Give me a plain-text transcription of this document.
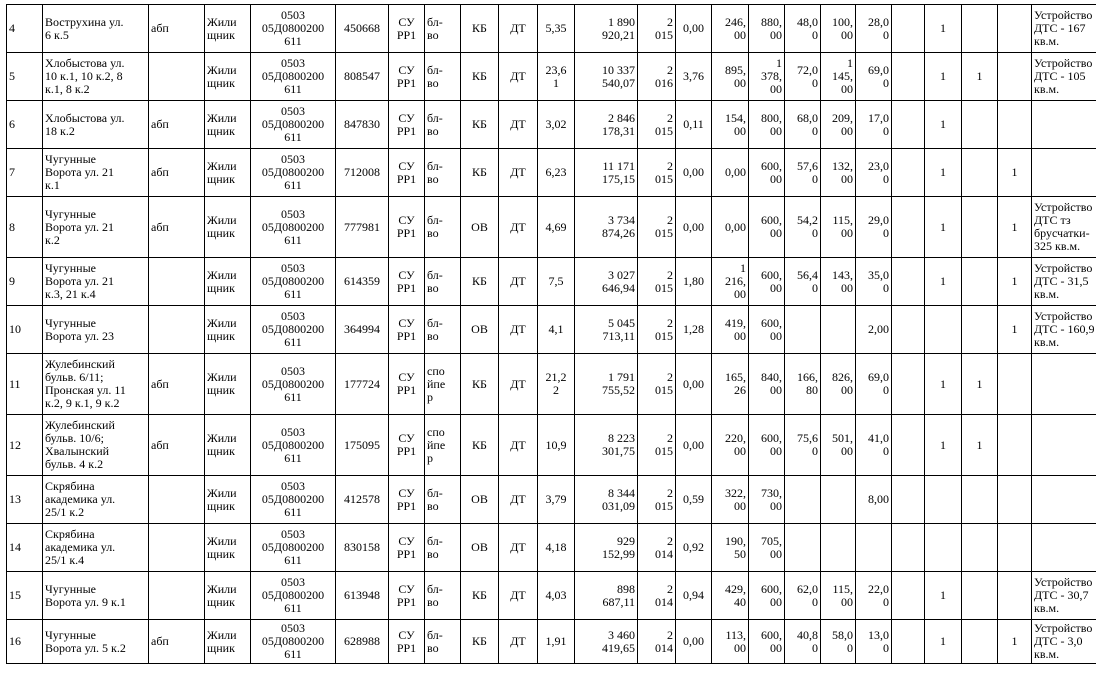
4	Вострухина ул.
6 к.5	абп	Жили
щник	0503
05Д0800200
611	450668	СУ
РР1	бл-
во	КБ	ДТ	5,35	1 890
920,21	2
015	0,00	246,
00	880,
00	48,0
0	100,
00	28,0
0		1			Устройство
ДТС - 167
кв.м.
5	Хлобыстова ул.
10 к.1, 10 к.2, 8
к.1, 8 к.2		Жили
щник	0503
05Д0800200
611	808547	СУ
РР1	бл-
во	КБ	ДТ	23,6
1	10 337
540,07	2
016	3,76	895,
00	1
378,
00	72,0
0	1
145,
00	69,0
0		1	1		Устройство
ДТС - 105
кв.м.
6	Хлобыстова ул.
18 к.2	абп	Жили
щник	0503
05Д0800200
611	847830	СУ
РР1	бл-
во	КБ	ДТ	3,02	2 846
178,31	2
015	0,11	154,
00	800,
00	68,0
0	209,
00	17,0
0		1			
7	Чугунные
Ворота ул. 21
к.1	абп	Жили
щник	0503
05Д0800200
611	712008	СУ
РР1	бл-
во	КБ	ДТ	6,23	11 171
175,15	2
015	0,00	0,00	600,
00	57,6
0	132,
00	23,0
0		1		1	
8	Чугунные
Ворота ул. 21
к.2	абп	Жили
щник	0503
05Д0800200
611	777981	СУ
РР1	бл-
во	ОВ	ДТ	4,69	3 734
874,26	2
015	0,00	0,00	600,
00	54,2
0	115,
00	29,0
0		1		1	Устройство
ДТС тз
брусчатки-
325 кв.м.
9	Чугунные
Ворота ул. 21
к.3, 21 к.4		Жили
щник	0503
05Д0800200
611	614359	СУ
РР1	бл-
во	КБ	ДТ	7,5	3 027
646,94	2
015	1,80	1
216,
00	600,
00	56,4
0	143,
00	35,0
0		1		1	Устройство
ДТС - 31,5
кв.м.
10	Чугунные
Ворота ул. 23		Жили
щник	0503
05Д0800200
611	364994	СУ
РР1	бл-
во	ОВ	ДТ	4,1	5 045
713,11	2
015	1,28	419,
00	600,
00			2,00				1	Устройство
ДТС - 160,9
кв.м.
11	Жулебинский
бульв. 6/11;
Пронская ул. 11
к.2, 9 к.1, 9 к.2	абп	Жили
щник	0503
05Д0800200
611	177724	СУ
РР1	спо
йпе
р	КБ	ДТ	21,2
2	1 791
755,52	2
015	0,00	165,
26	840,
00	166,
80	826,
00	69,0
0		1	1		
12	Жулебинский
бульв. 10/6;
Хвалынский
бульв. 4 к.2	абп	Жили
щник	0503
05Д0800200
611	175095	СУ
РР1	спо
йпе
р	КБ	ДТ	10,9	8 223
301,75	2
015	0,00	220,
00	600,
00	75,6
0	501,
00	41,0
0		1	1		
13	Скрябина
академика ул.
25/1 к.2		Жили
щник	0503
05Д0800200
611	412578	СУ
РР1	бл-
во	ОВ	ДТ	3,79	8 344
031,09	2
015	0,59	322,
00	730,
00			8,00					
14	Скрябина
академика ул.
25/1 к.4		Жили
щник	0503
05Д0800200
611	830158	СУ
РР1	бл-
во	ОВ	ДТ	4,18	929
152,99	2
014	0,92	190,
50	705,
00								
15	Чугунные
Ворота ул. 9 к.1		Жили
щник	0503
05Д0800200
611	613948	СУ
РР1	бл-
во	КБ	ДТ	4,03	898
687,11	2
014	0,94	429,
40	600,
00	62,0
0	115,
00	22,0
0		1			Устройство
ДТС - 30,7
кв.м.
16	Чугунные
Ворота ул. 5 к.2	абп	Жили
щник	0503
05Д0800200
611	628988	СУ
РР1	бл-
во	КБ	ДТ	1,91	3 460
419,65	2
014	0,00	113,
00	600,
00	40,8
0	58,0
0	13,0
0		1		1	Устройство
ДТС - 3,0
кв.м.
